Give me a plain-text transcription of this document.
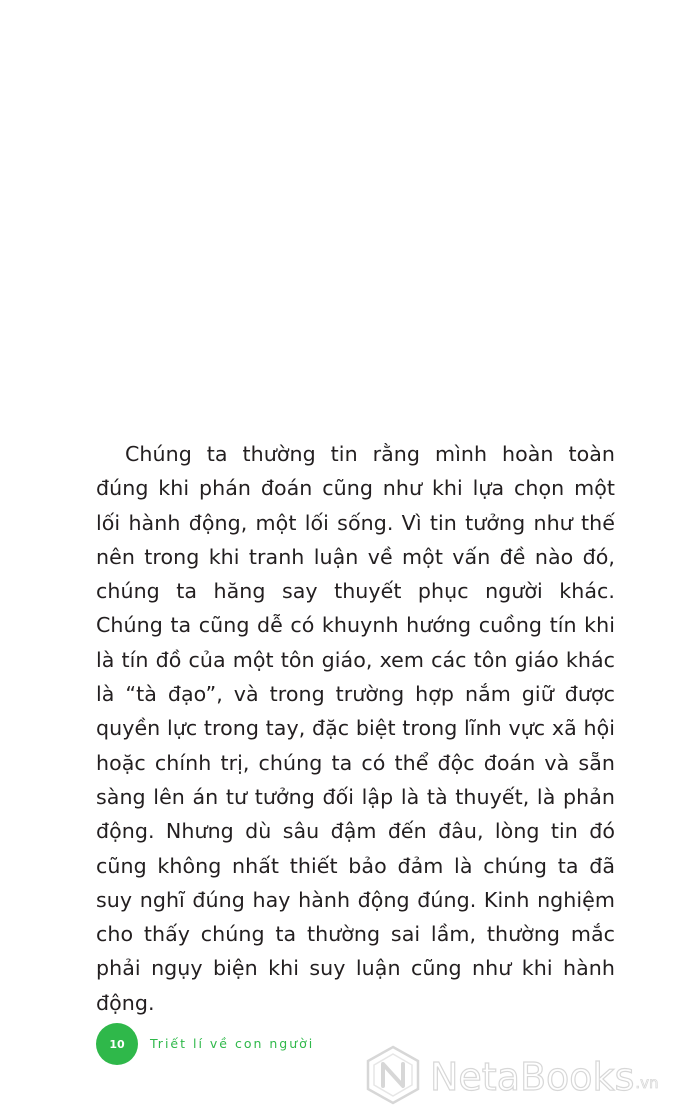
Chúng ta thường tin rằng mình hoàn toàn đúng khi phán đoán cũng như khi lựa chọn một lối hành động, một lối sống. Vì tin tưởng như thế nên trong khi tranh luận về một vấn đề nào đó, chúng ta hăng say thuyết phục người khác. Chúng ta cũng dễ có khuynh hướng cuồng tín khi là tín đồ của một tôn giáo, xem các tôn giáo khác là “tà đạo”, và trong trường hợp nắm giữ được quyền lực trong tay, đặc biệt trong lĩnh vực xã hội hoặc chính trị, chúng ta có thể độc đoán và sẵn sàng lên án tư tưởng đối lập là tà thuyết, là phản động. Nhưng dù sâu đậm đến đâu, lòng tin đó cũng không nhất thiết bảo đảm là chúng ta đã suy nghĩ đúng hay hành động đúng. Kinh nghiệm cho thấy chúng ta thường sai lầm, thường mắc phải ngụy biện khi suy luận cũng như khi hành động.

10	Triết lí về con người
NetaBooks .vn
